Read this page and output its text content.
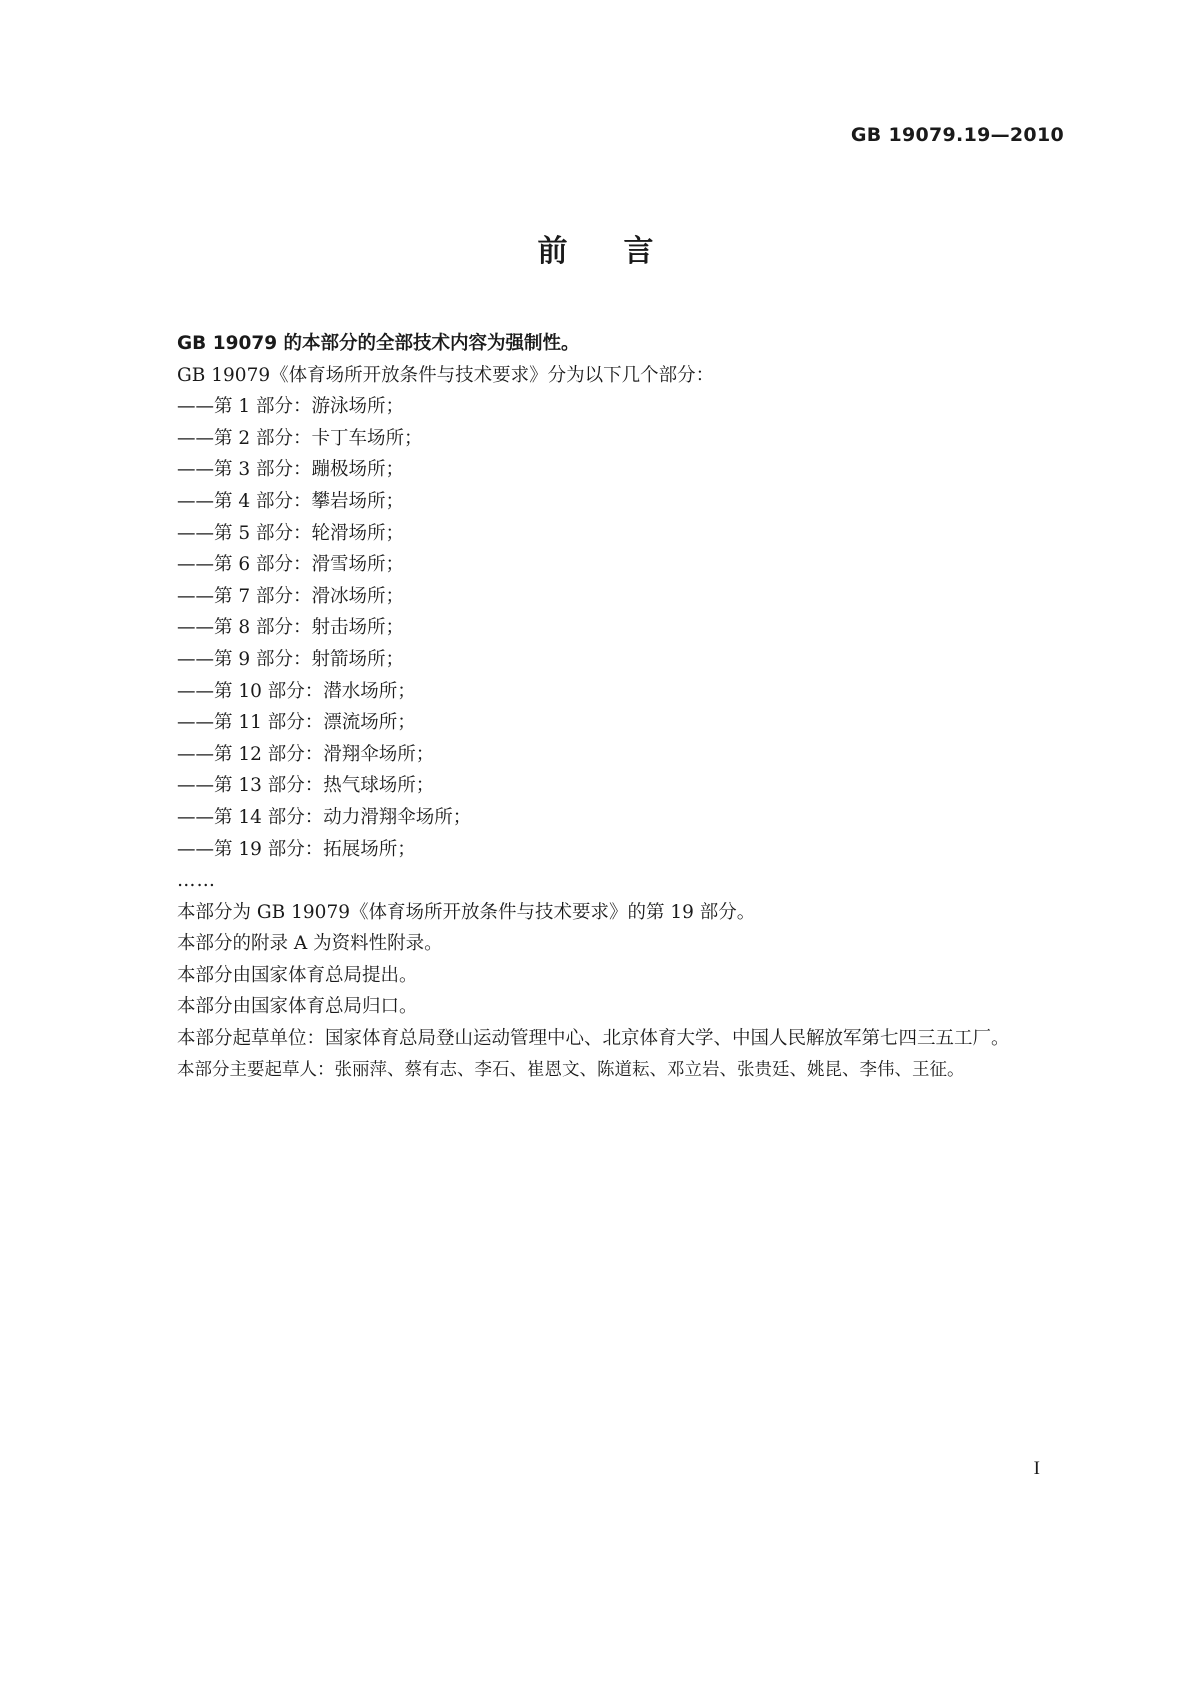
GB 19079.19—2010
前言

GB 19079 的本部分的全部技术内容为强制性。

GB 19079《体育场所开放条件与技术要求》分为以下几个部分：

——第 1 部分：游泳场所；
——第 2 部分：卡丁车场所；
——第 3 部分：蹦极场所；
——第 4 部分：攀岩场所；
——第 5 部分：轮滑场所；
——第 6 部分：滑雪场所；
——第 7 部分：滑冰场所；
——第 8 部分：射击场所；
——第 9 部分：射箭场所；
——第 10 部分：潜水场所；
——第 11 部分：漂流场所；
——第 12 部分：滑翔伞场所；
——第 13 部分：热气球场所；
——第 14 部分：动力滑翔伞场所；
——第 19 部分：拓展场所；

……

本部分为 GB 19079《体育场所开放条件与技术要求》的第 19 部分。

本部分的附录 A 为资料性附录。

本部分由国家体育总局提出。

本部分由国家体育总局归口。

本部分起草单位：国家体育总局登山运动管理中心、北京体育大学、中国人民解放军第七四三五工厂。

本部分主要起草人：张丽萍、蔡有志、李石、崔恩文、陈道耘、邓立岩、张贵廷、姚昆、李伟、王征。

I
